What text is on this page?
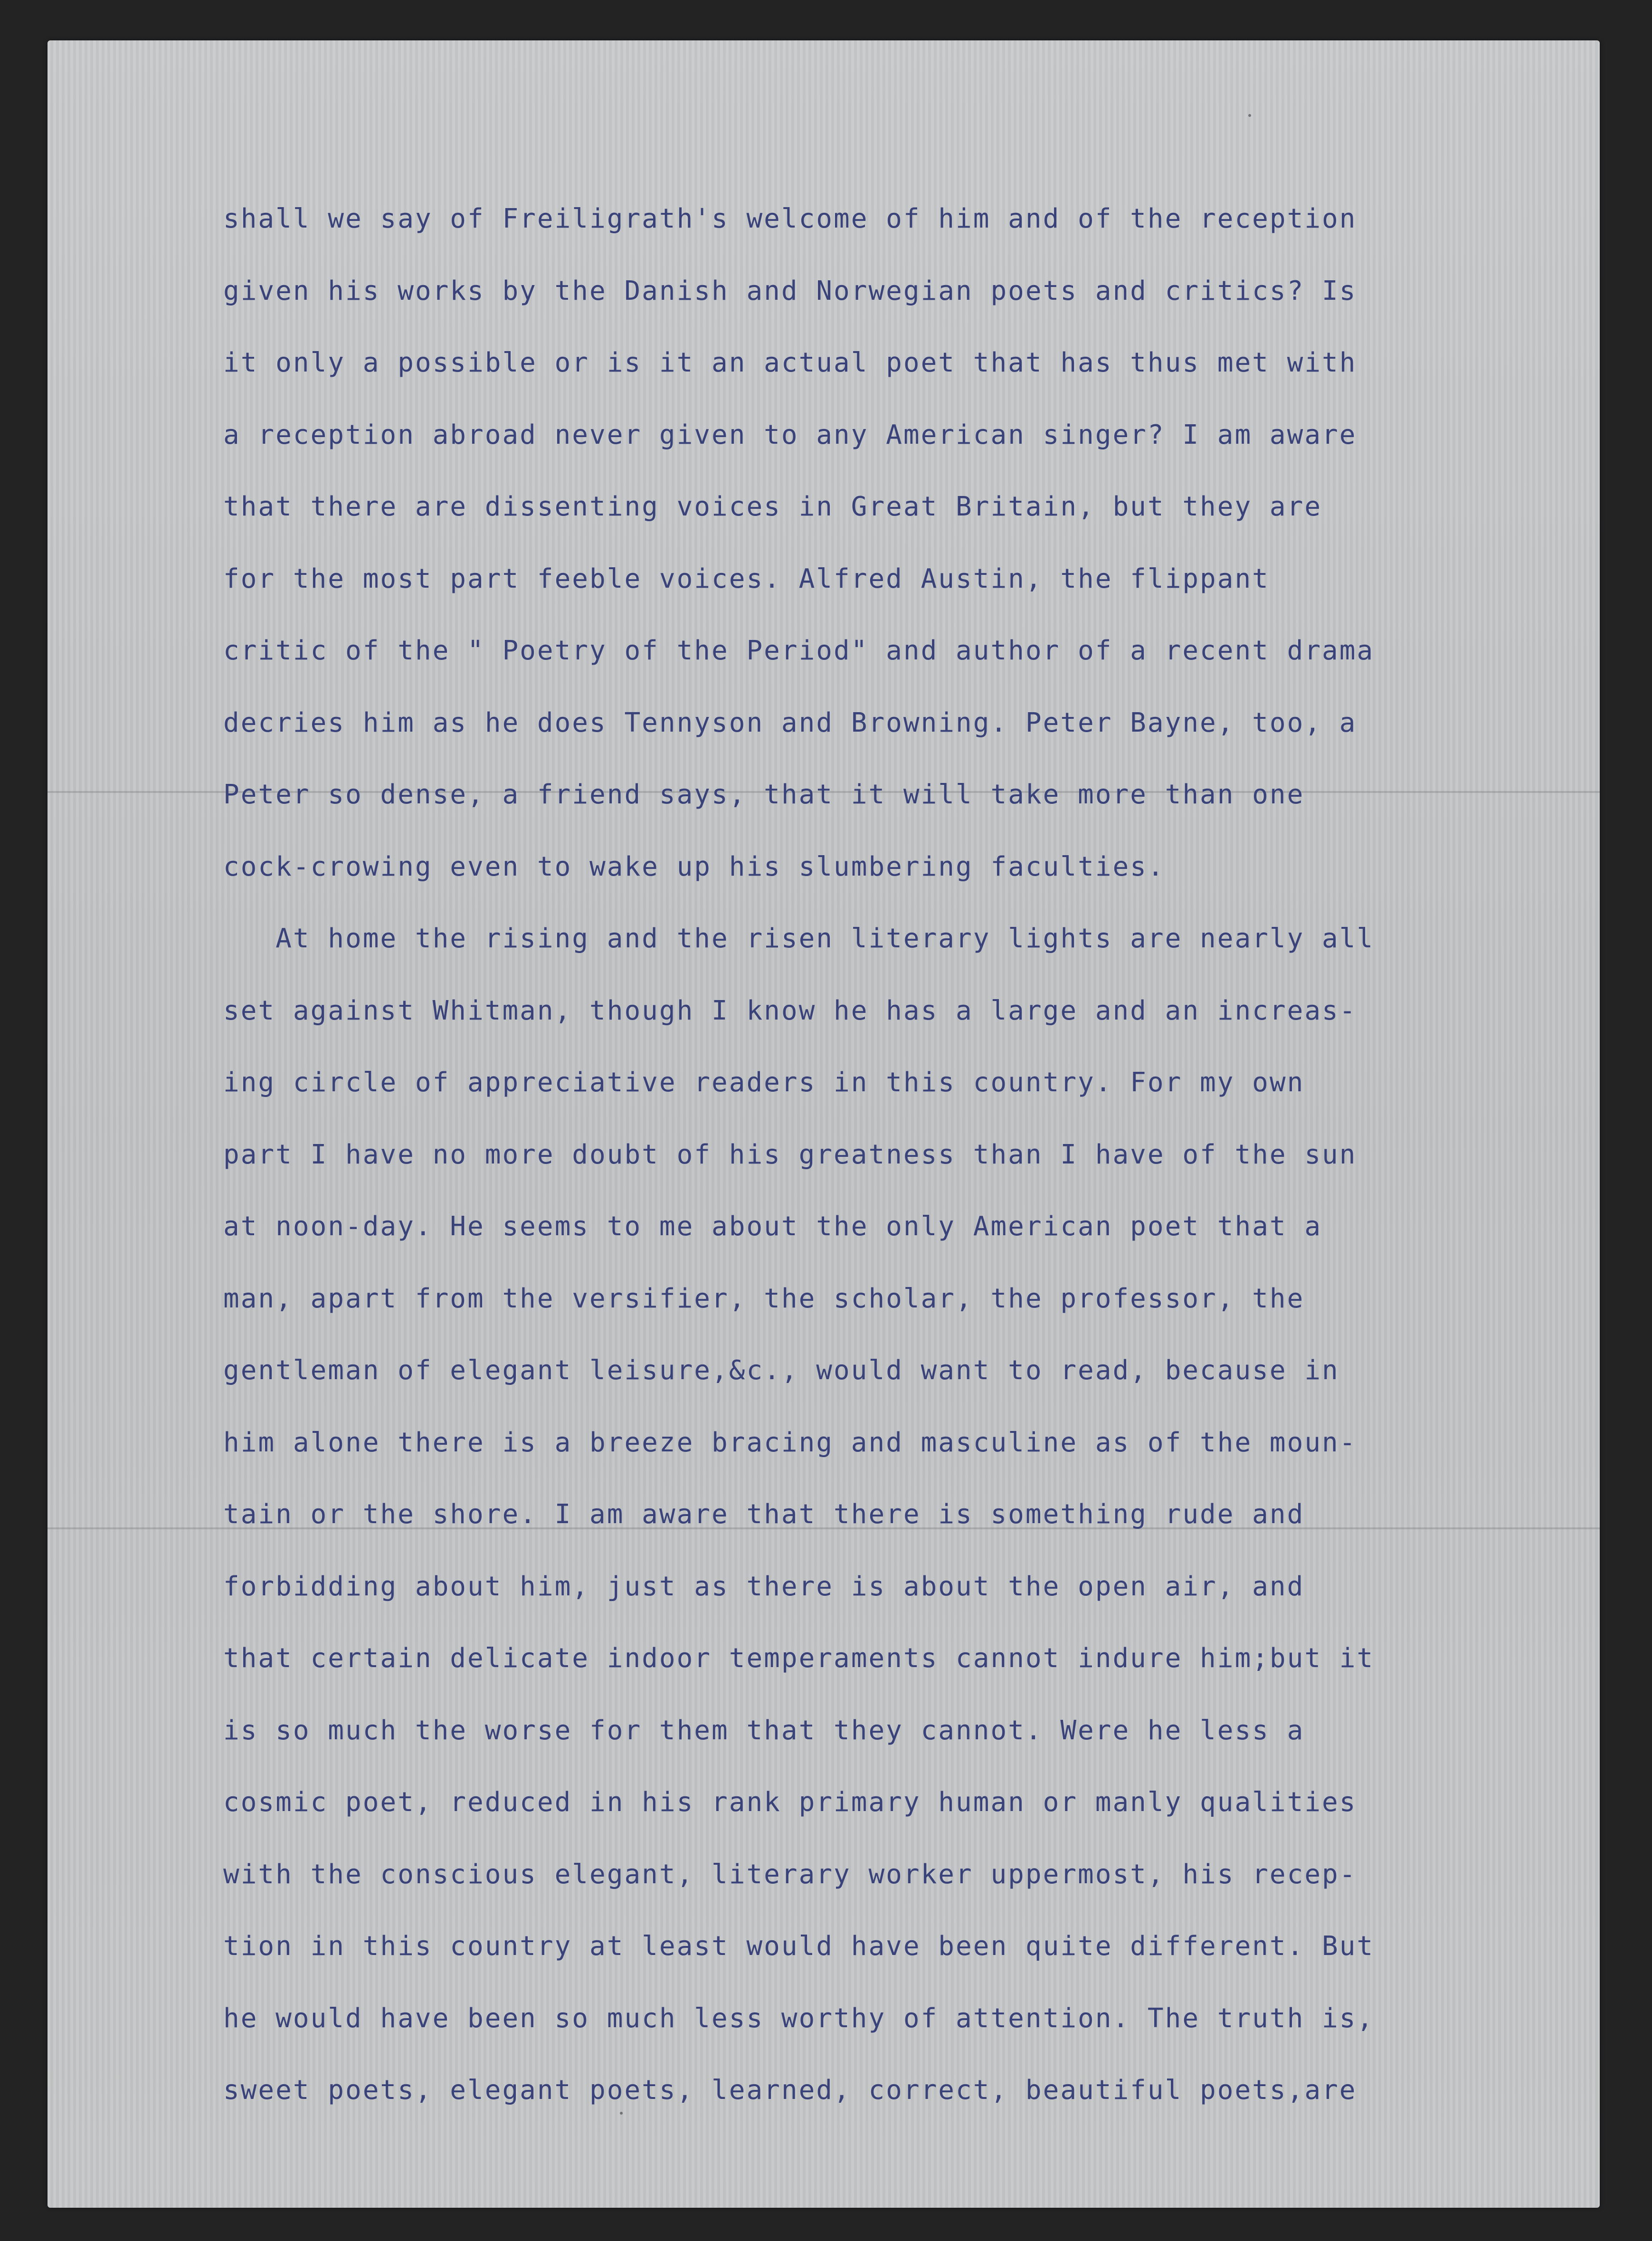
shall we say of Freiligrath's welcome of him and of the reception
given his works by the Danish and Norwegian poets and critics? Is
it only a possible or is it an actual poet that has thus met with
a reception abroad never given to any American singer? I am aware
that there are dissenting voices in Great Britain, but they are
for the most part feeble voices. Alfred Austin, the flippant
critic of the " Poetry of the Period" and author of a recent drama
decries him as he does Tennyson and Browning. Peter Bayne, too, a
Peter so dense, a friend says, that it will take more than one
cock-crowing even to wake up his slumbering faculties.
At home the rising and the risen literary lights are nearly all
set against Whitman, though I know he has a large and an increas-
ing circle of appreciative readers in this country. For my own
part I have no more doubt of his greatness than I have of the sun
at noon-day. He seems to me about the only American poet that a
man, apart from the versifier, the scholar, the professor, the
gentleman of elegant leisure,&c., would want to read, because in
him alone there is a breeze bracing and masculine as of the moun-
tain or the shore. I am aware that there is something rude and
forbidding about him, just as there is about the open air, and
that certain delicate indoor temperaments cannot indure him;but it
is so much the worse for them that they cannot. Were he less a
cosmic poet, reduced in his rank primary human or manly qualities
with the conscious elegant, literary worker uppermost, his recep-
tion in this country at least would have been quite different. But
he would have been so much less worthy of attention. The truth is,
sweet poets, elegant poets, learned, correct, beautiful poets,are
